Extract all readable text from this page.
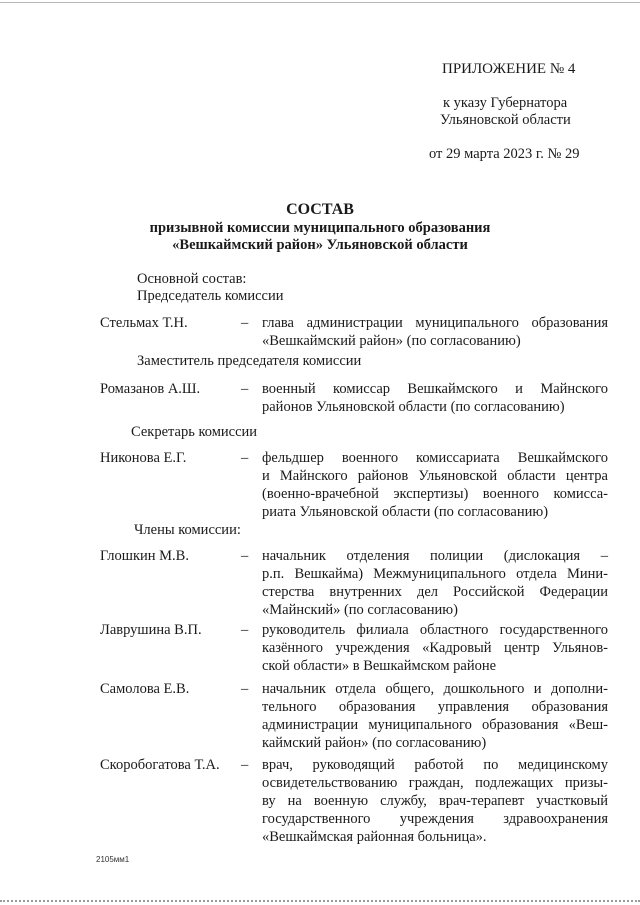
ПРИЛОЖЕНИЕ № 4
к указу Губернатора
Ульяновской области
от 29 марта 2023 г. № 29
СОСТАВ
призывной комиссии муниципального образования
«Вешкаймский район» Ульяновской области
Основной состав:
Председатель комиссии
Стельмах Т.Н.	– глава администрации муниципального образования
«Вешкаймский район» (по согласованию)
Заместитель председателя комиссии
Ромазанов А.Ш.	– военный комиссар Вешкаймского и Майнского
районов Ульяновской области (по согласованию)
Секретарь комиссии
Никонова Е.Г.	– фельдшер военного комиссариата Вешкаймского
и Майнского районов Ульяновской области центра
(военно-врачебной экспертизы) военного комисса-
риата Ульяновской области (по согласованию)
Члены комиссии:
Глошкин М.В.	– начальник отделения полиции (дислокация –
р.п. Вешкайма) Межмуниципального отдела Мини-
стерства внутренних дел Российской Федерации
«Майнский» (по согласованию)
Лаврушина В.П.	– руководитель филиала областного государственного
казённого учреждения «Кадровый центр Ульянов-
ской области» в Вешкаймском районе
Самолова Е.В.	– начальник отдела общего, дошкольного и дополни-
тельного образования управления образования
администрации муниципального образования «Веш-
каймский район» (по согласованию)
Скоробогатова Т.А. – врач, руководящий работой по медицинскому
освидетельствованию граждан, подлежащих призы-
ву на военную службу, врач-терапевт участковый
государственного учреждения здравоохранения
«Вешкаймская районная больница».
2105мм1
